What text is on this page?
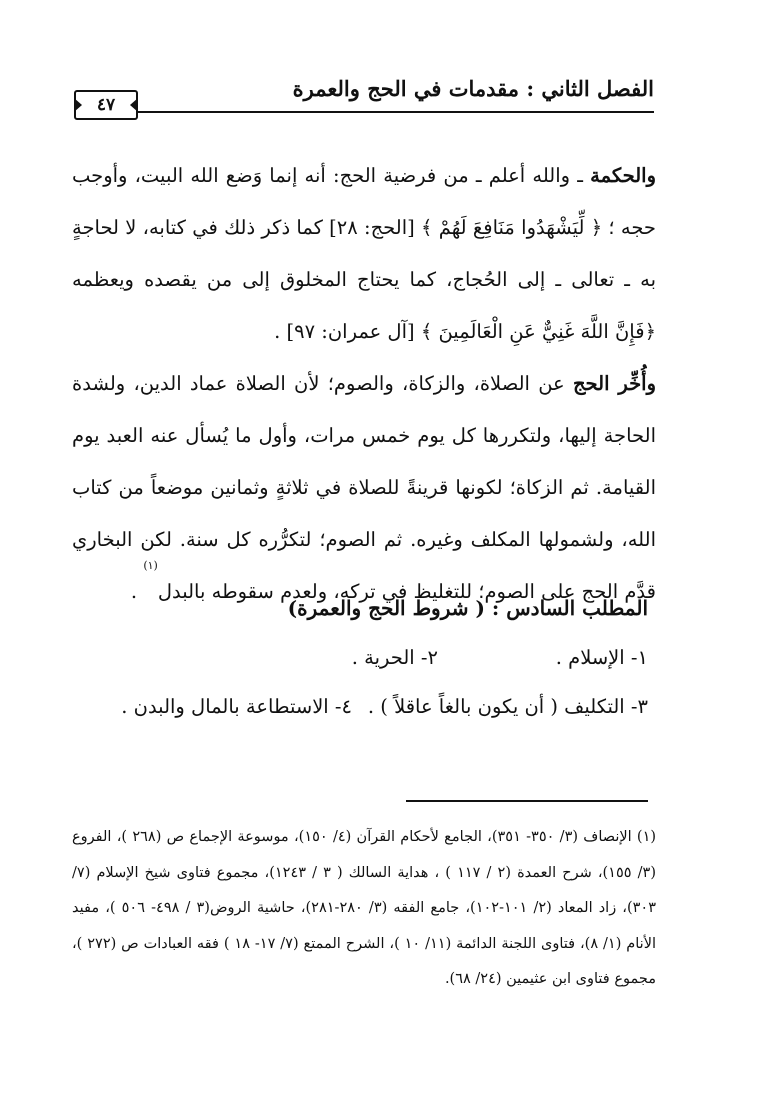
الفصل الثاني : مقدمات في الحج والعمرة
٤٧

والحكمة ـ والله أعلم ـ من فرضية الحج: أنه إنما وَضع الله البيت، وأوجب حجه ؛ ﴿ لِّيَشْهَدُوا مَنَافِعَ لَهُمْ ﴾ [الحج: ٢٨] كما ذكر ذلك في كتابه، لا لحاجةٍ به ـ تعالى ـ إلى الحُجاج، كما يحتاج المخلوق إلى من يقصده ويعظمه ﴿فَإِنَّ اللَّهَ غَنِيٌّ عَنِ الْعَالَمِينَ ﴾ [آل عمران: ٩٧] .

وأُخِّر الحج عن الصلاة، والزكاة، والصوم؛ لأن الصلاة عماد الدين، ولشدة الحاجة إليها، ولتكررها كل يوم خمس مرات، وأول ما يُسأل عنه العبد يوم القيامة. ثم الزكاة؛ لكونها قرينةً للصلاة في ثلاثةٍ وثمانين موضعاً من كتاب الله، ولشمولها المكلف وغيره. ثم الصوم؛ لتكرُّره كل سنة. لكن البخاري قدَّم الحج على الصوم؛ للتغليظ في تركه، ولعدم سقوطه بالبدل$^{(١)}$ .

المطلب السادس : ( شروط الحج والعمرة)
١- الإسلام .
٢- الحرية .
٣- التكليف ( أن يكون بالغاً عاقلاً ) .
٤- الاستطاعة بالمال والبدن .

(١) الإنصاف (٣/ ٣٥٠- ٣٥١)، الجامع لأحكام القرآن (٤/ ١٥٠)، موسوعة الإجماع ص (٢٦٨ )، الفروع (٣/ ١٥٥)، شرح العمدة (٢ / ١١٧ ) ، هداية السالك ( ٣ / ١٢٤٣)، مجموع فتاوى شيخ الإسلام (٧/ ٣٠٣)، زاد المعاد (٢/ ١٠١-١٠٢)، جامع الفقه (٣/ ٢٨٠-٢٨١)، حاشية الروض(٣ / ٤٩٨- ٥٠٦ )، مفيد الأنام (١/ ٨)، فتاوى اللجنة الدائمة (١١/ ١٠ )، الشرح الممتع (٧/ ١٧- ١٨ ) فقه العبادات ص (٢٧٢ )، مجموع فتاوى ابن عثيمين (٢٤/ ٦٨).
